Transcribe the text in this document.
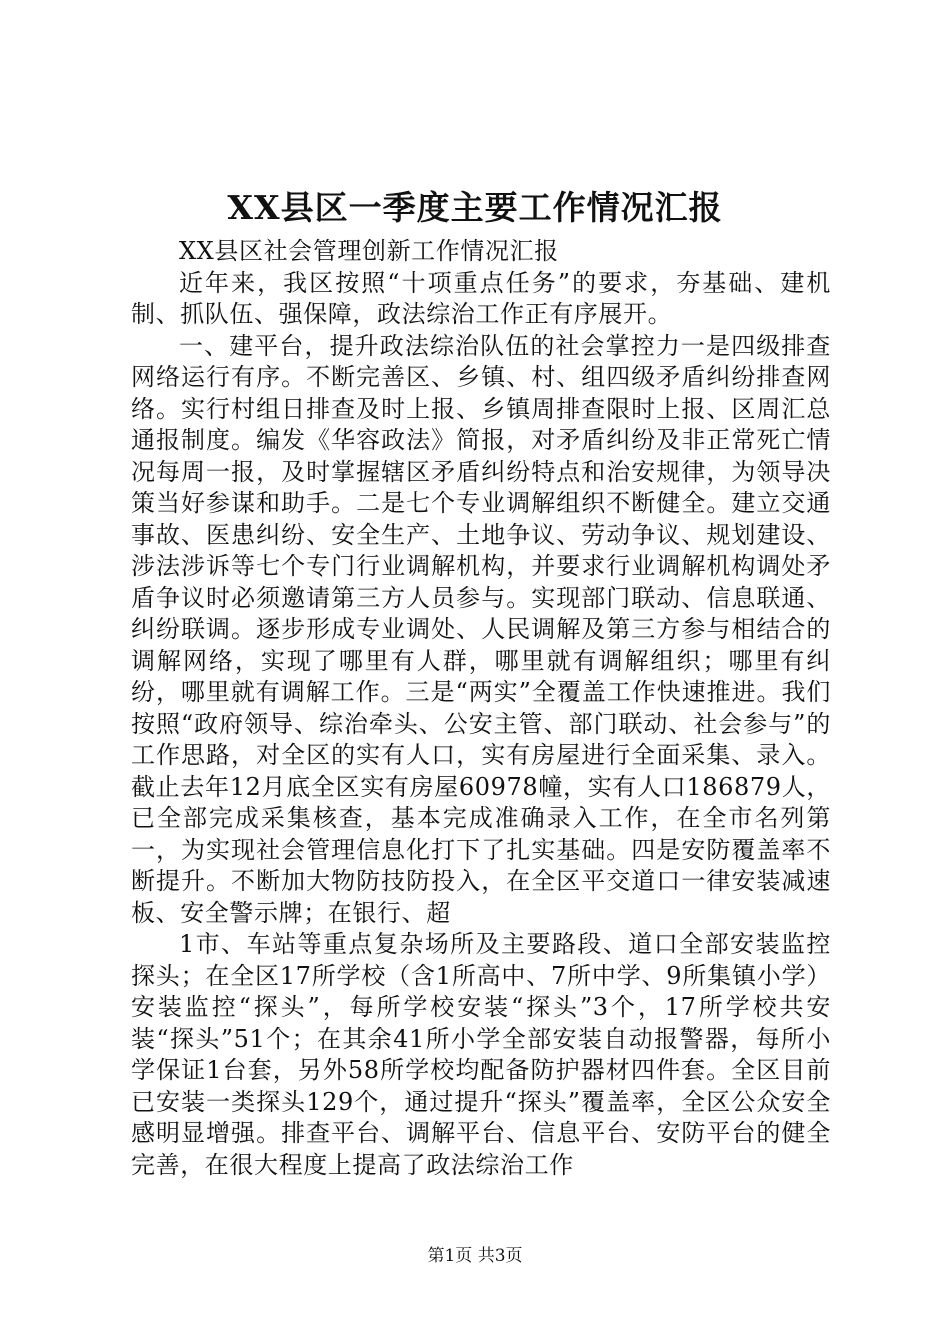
XX县区一季度主要工作情况汇报

XX县区社会管理创新工作情况汇报

近年来，我区按照“十项重点任务”的要求，夯基础、建机制、抓队伍、强保障，政法综治工作正有序展开。

一、建平台，提升政法综治队伍的社会掌控力一是四级排查网络运行有序。不断完善区、乡镇、村、组四级矛盾纠纷排查网络。实行村组日排查及时上报、乡镇周排查限时上报、区周汇总通报制度。编发《华容政法》简报，对矛盾纠纷及非正常死亡情况每周一报，及时掌握辖区矛盾纠纷特点和治安规律，为领导决策当好参谋和助手。二是七个专业调解组织不断健全。建立交通事故、医患纠纷、安全生产、土地争议、劳动争议、规划建设、涉法涉诉等七个专门行业调解机构，并要求行业调解机构调处矛盾争议时必须邀请第三方人员参与。实现部门联动、信息联通、纠纷联调。逐步形成专业调处、人民调解及第三方参与相结合的调解网络，实现了哪里有人群，哪里就有调解组织；哪里有纠纷，哪里就有调解工作。三是“两实”全覆盖工作快速推进。我们按照“政府领导、综治牵头、公安主管、部门联动、社会参与”的工作思路，对全区的实有人口，实有房屋进行全面采集、录入。截止去年12月底全区实有房屋60978幢，实有人口186879人，已全部完成采集核查，基本完成准确录入工作，在全市名列第一，为实现社会管理信息化打下了扎实基础。四是安防覆盖率不断提升。不断加大物防技防投入，在全区平交道口一律安装减速板、安全警示牌；在银行、超

1市、车站等重点复杂场所及主要路段、道口全部安装监控探头；在全区17所学校（含1所高中、7所中学、9所集镇小学）安装监控“探头”，每所学校安装“探头”3个，17所学校共安装“探头”51个；在其余41所小学全部安装自动报警器，每所小学保证1台套，另外58所学校均配备防护器材四件套。全区目前已安装一类探头129个，通过提升“探头”覆盖率，全区公众安全感明显增强。排查平台、调解平台、信息平台、安防平台的健全完善，在很大程度上提高了政法综治工作

第1页 共3页
